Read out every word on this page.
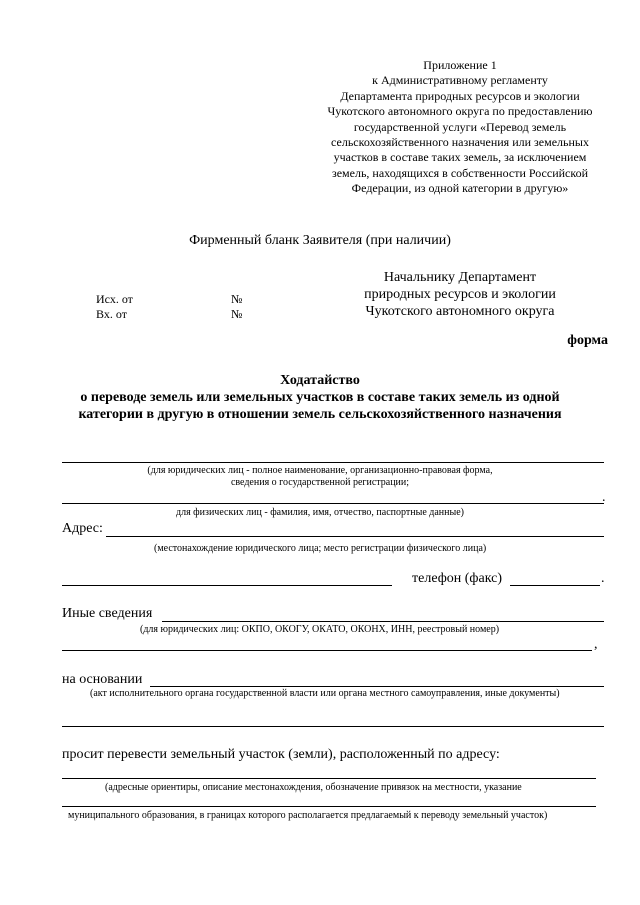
Приложение 1
к Административному регламенту
Департамента природных ресурсов и экологии
Чукотского автономного округа по предоставлению
государственной услуги «Перевод земель
сельскохозяйственного назначения или земельных
участков в составе таких земель, за исключением
земель, находящихся в собственности Российской
Федерации, из одной категории в другую»
Фирменный бланк Заявителя (при наличии)
Начальнику Департамент
природных ресурсов и экологии
Чукотского автономного округа
Исх. от	№
Вх. от	№
форма
Ходатайство
о переводе земель или земельных участков в составе таких земель из одной
категории в другую в отношении земель сельскохозяйственного назначения
(для юридических лиц - полное наименование, организационно-правовая форма,
сведения о государственной регистрации;
.
для физических лиц - фамилия, имя, отчество, паспортные данные)
Адрес:
(местонахождение юридического лица; место регистрации физического лица)
телефон (факс)	.
Иные сведения
(для юридических лиц: ОКПО, ОКОГУ, ОКАТО, ОКОНХ, ИНН, реестровый номер)
,
на основании
(акт исполнительного органа государственной власти или органа местного самоуправления, иные документы)
просит перевести земельный участок (земли), расположенный по адресу:
(адресные ориентиры, описание местонахождения, обозначение привязок на местности, указание
муниципального образования, в границах которого располагается предлагаемый к переводу земельный участок)
